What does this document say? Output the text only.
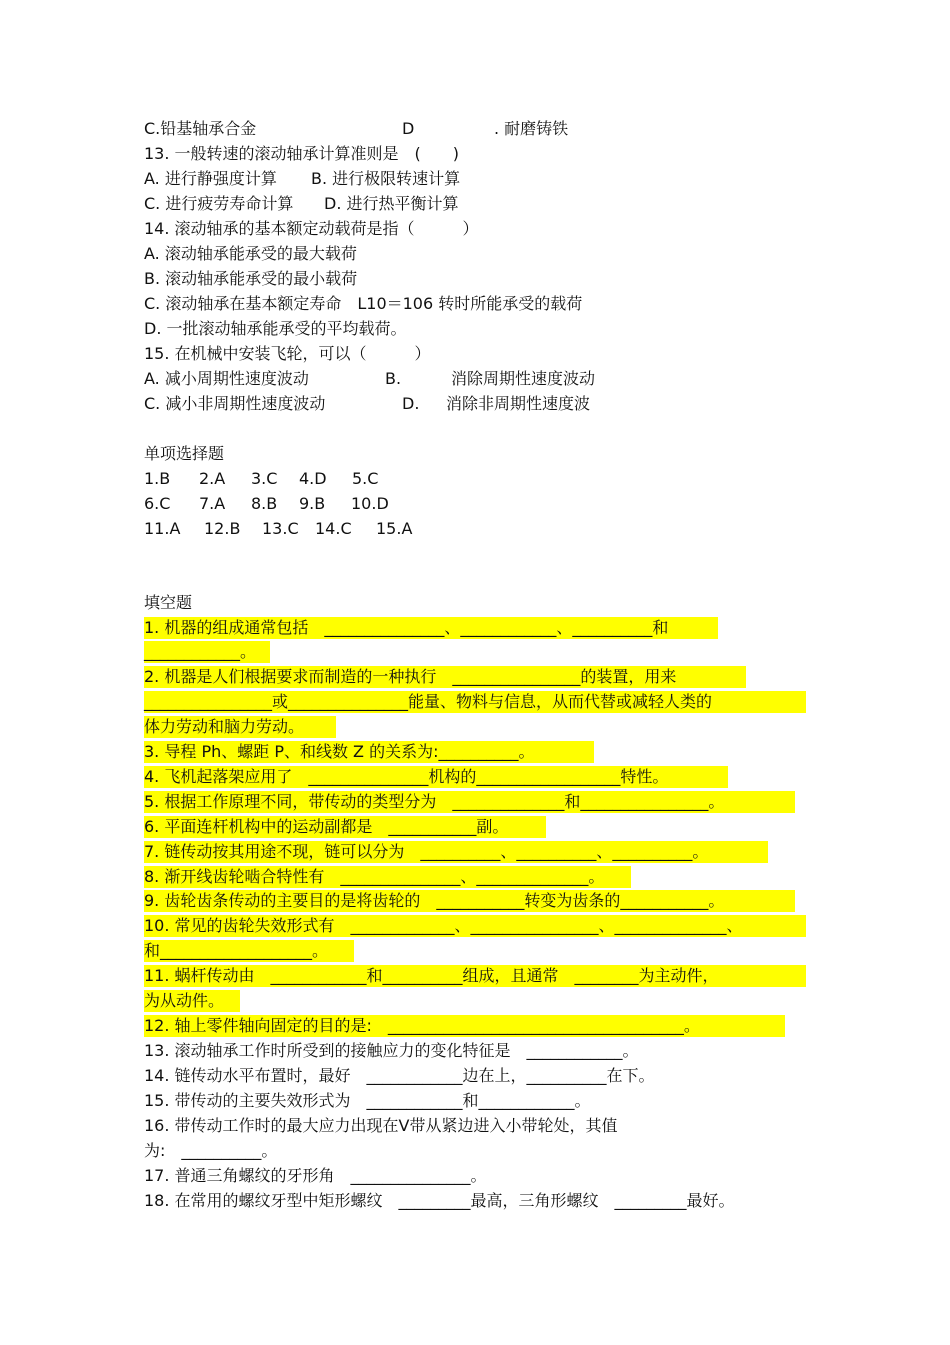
C.铅基轴承合金

	D

	. 耐磨铸铁

13. 一般转速的滚动轴承计算准则是　(　　)

A. 进行静强度计算

B. 进行极限转速计算

C. 进行疲劳寿命计算

D. 进行热平衡计算

14. 滚动轴承的基本额定动载荷是指（　　　）
A. 滚动轴承能承受的最大载荷
B. 滚动轴承能承受的最小载荷
C. 滚动轴承在基本额定寿命　L10＝106 转时所能承受的载荷
D. 一批滚动轴承能承受的平均载荷。
15. 在机械中安装飞轮，可以（　　　）

A. 减小周期性速度波动

	B.

	消除周期性速度波动

C. 减小非周期性速度波动

	D.

消除非周期性速度波

单项选择题

1.B

2.A

3.C

4.D

5.C

6.C

7.A

8.B

9.B

10.D

11.A

12.B

13.C

14.C

15.A

填空题
1. 机器的组成通常包括　_______________、____________、__________和
____________。
2. 机器是人们根据要求而制造的一种执行　________________的装置，用来
________________或_______________能量、物料与信息，从而代替或减轻人类的
体力劳动和脑力劳动。
3. 导程 Ph、螺距 P、和线数 Z 的关系为:__________。
4. 飞机起落架应用了　_______________机构的__________________特性。
5. 根据工作原理不同，带传动的类型分为　______________和________________。
6. 平面连杆机构中的运动副都是　___________副。
7. 链传动按其用途不现，链可以分为　__________、__________、__________。
8. 渐开线齿轮啮合特性有　_______________、______________。
9. 齿轮齿条传动的主要目的是将齿轮的　___________转变为齿条的___________。
10. 常见的齿轮失效形式有　_____________、________________、______________、
和___________________。
11. 蜗杆传动由　____________和__________组成，且通常　________为主动件，
为从动件。
12. 轴上零件轴向固定的目的是:　_____________________________________。
13. 滚动轴承工作时所受到的接触应力的变化特征是　____________。
14. 链传动水平布置时，最好　____________边在上，__________在下。
15. 带传动的主要失效形式为　____________和____________。
16. 带传动工作时的最大应力出现在Ⅴ带从紧边进入小带轮处，其值
为:　__________。
17. 普通三角螺纹的牙形角　_______________。
18. 在常用的螺纹牙型中矩形螺纹　_________最高，三角形螺纹　_________最好。
